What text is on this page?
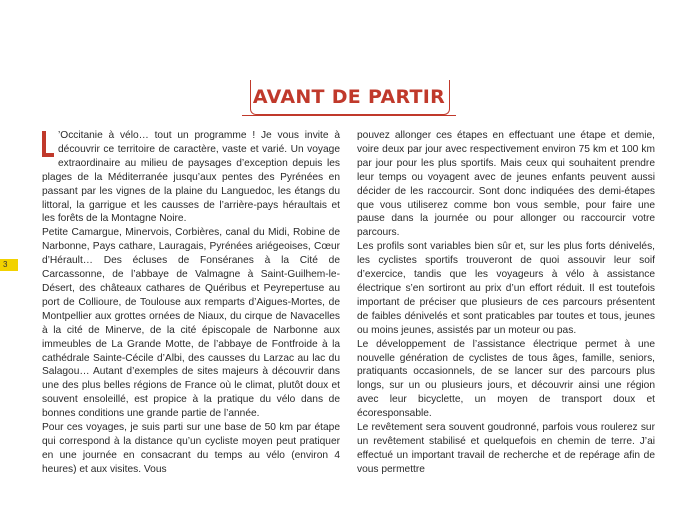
AVANT DE PARTIR
3

’Occitanie à vélo… tout un programme ! Je vous invite à découvrir ce territoire de caractère, vaste et varié. Un voyage extraordinaire au milieu de paysages d’exception depuis les plages de la Méditerranée jusqu’aux pentes des Pyrénées en passant par les vignes de la plaine du Languedoc, les étangs du littoral, la garrigue et les causses de l’arrière-pays héraultais et les forêts de la Montagne Noire.

Petite Camargue, Minervois, Corbières, canal du Midi, Robine de Narbonne, Pays cathare, Lauragais, Pyrénées ariégeoises, Cœur d’Hérault… Des écluses de Fonséranes à la Cité de Carcassonne, de l’abbaye de Valmagne à Saint-Guilhem-le-Désert, des châteaux cathares de Quéribus et Peyrepertuse au port de Collioure, de Toulouse aux remparts d’Aigues-Mortes, de Montpellier aux grottes ornées de Niaux, du cirque de Navacelles à la cité de Minerve, de la cité épiscopale de Narbonne aux immeubles de La Grande Motte, de l’abbaye de Fontfroide à la cathédrale Sainte-Cécile d’Albi, des causses du Larzac au lac du Salagou… Autant d’exemples de sites majeurs à découvrir dans une des plus belles régions de France où le climat, plutôt doux et souvent ensoleillé, est propice à la pratique du vélo dans de bonnes conditions une grande partie de l’année.

Pour ces voyages, je suis parti sur une base de 50 km par étape qui correspond à la distance qu’un cycliste moyen peut pratiquer en une journée en consacrant du temps au vélo (environ 4 heures) et aux visites. Vous

pouvez allonger ces étapes en effectuant une étape et demie, voire deux par jour avec respectivement environ 75 km et 100 km par jour pour les plus sportifs. Mais ceux qui souhaitent prendre leur temps ou voyagent avec de jeunes enfants peuvent aussi décider de les raccourcir. Sont donc indiquées des demi-étapes que vous utiliserez comme bon vous semble, pour faire une pause dans la journée ou pour allonger ou raccourcir votre parcours.

Les profils sont variables bien sûr et, sur les plus forts dénivelés, les cyclistes sportifs trouveront de quoi assouvir leur soif d’exercice, tandis que les voyageurs à vélo à assistance électrique s’en sortiront au prix d’un effort réduit. Il est toutefois important de préciser que plusieurs de ces parcours présentent de faibles dénivelés et sont praticables par toutes et tous, jeunes ou moins jeunes, assistés par un moteur ou pas.

Le développement de l’assistance électrique permet à une nouvelle génération de cyclistes de tous âges, famille, seniors, pratiquants occasionnels, de se lancer sur des parcours plus longs, sur un ou plusieurs jours, et découvrir ainsi une région avec leur bicyclette, un moyen de transport doux et écoresponsable.

Le revêtement sera souvent goudronné, parfois vous roulerez sur un revêtement stabilisé et quelquefois en chemin de terre. J’ai effectué un important travail de recherche et de repérage afin de vous permettre
